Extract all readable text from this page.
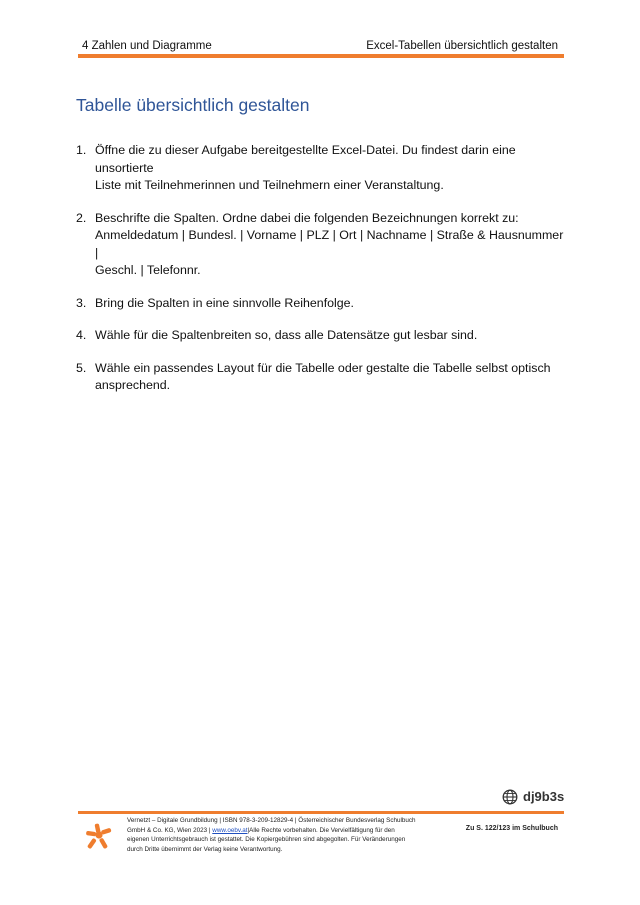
4 Zahlen und Diagramme	Excel-Tabellen übersichtlich gestalten
Tabelle übersichtlich gestalten
1. Öffne die zu dieser Aufgabe bereitgestellte Excel-Datei. Du findest darin eine unsortierte
Liste mit Teilnehmerinnen und Teilnehmern einer Veranstaltung.
2. Beschrifte die Spalten. Ordne dabei die folgenden Bezeichnungen korrekt zu:
Anmeldedatum | Bundesl. | Vorname | PLZ | Ort | Nachname | Straße & Hausnummer |
Geschl. | Telefonnr.
3. Bring die Spalten in eine sinnvolle Reihenfolge.
4. Wähle für die Spaltenbreiten so, dass alle Datensätze gut lesbar sind.
5. Wähle ein passendes Layout für die Tabelle oder gestalte die Tabelle selbst optisch
ansprechend.
dj9b3s
Vernetzt – Digitale Grundbildung | ISBN 978-3-209-12829-4 | Österreichischer Bundesverlag Schulbuch
GmbH & Co. KG, Wien 2023 | www.oebv.at|Alle Rechte vorbehalten. Die Vervielfältigung für den
eigenen Unterrichtsgebrauch ist gestattet. Die Kopiergebühren sind abgegolten. Für Veränderungen
durch Dritte übernimmt der Verlag keine Verantwortung.
Zu S. 122/123 im Schulbuch
